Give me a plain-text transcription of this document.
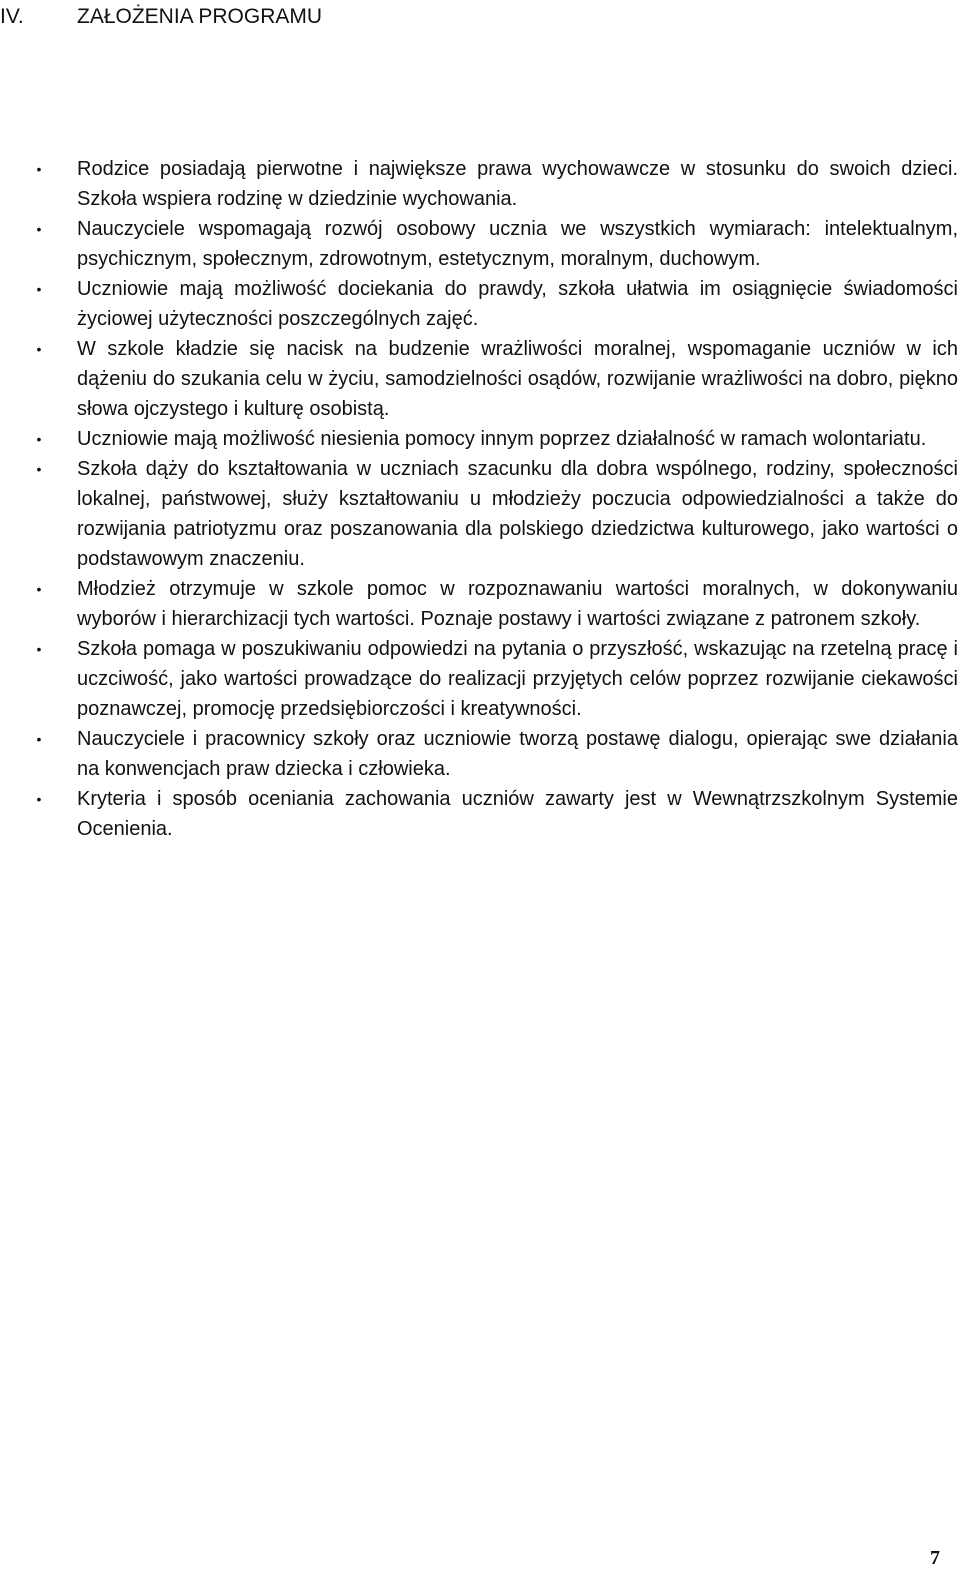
IV.	ZAŁOŻENIA PROGRAMU
• Rodzice posiadają pierwotne i największe prawa wychowawcze w stosunku do swoich dzieci. Szkoła wspiera rodzinę w dziedzinie wychowania.
• Nauczyciele wspomagają rozwój osobowy ucznia we wszystkich wymiarach: intelektualnym, psychicznym, społecznym, zdrowotnym, estetycznym, moralnym, duchowym.
• Uczniowie mają możliwość dociekania do prawdy, szkoła ułatwia im osiągnięcie świadomości życiowej użyteczności poszczególnych zajęć.
• W szkole kładzie się nacisk na budzenie wrażliwości moralnej, wspomaganie uczniów w ich dążeniu do szukania celu w życiu, samodzielności osądów, rozwijanie wrażliwości na dobro, piękno słowa ojczystego i kulturę osobistą.
• Uczniowie mają możliwość niesienia pomocy innym poprzez działalność w ramach wolontariatu.
• Szkoła dąży do kształtowania w uczniach szacunku dla dobra wspólnego, rodziny, społeczności lokalnej, państwowej, służy kształtowaniu u młodzieży poczucia odpowiedzialności a także do rozwijania patriotyzmu oraz poszanowania dla polskiego dziedzictwa kulturowego, jako wartości o podstawowym znaczeniu.
• Młodzież otrzymuje w szkole pomoc w rozpoznawaniu wartości moralnych, w dokonywaniu wyborów i hierarchizacji tych wartości. Poznaje postawy i wartości związane z patronem szkoły.
• Szkoła pomaga w poszukiwaniu odpowiedzi na pytania o przyszłość, wskazując na rzetelną pracę i uczciwość, jako wartości prowadzące do realizacji przyjętych celów poprzez rozwijanie ciekawości poznawczej, promocję przedsiębiorczości i kreatywności.
• Nauczyciele i pracownicy szkoły oraz uczniowie tworzą postawę dialogu, opierając swe działania na konwencjach praw dziecka i człowieka.
• Kryteria i sposób oceniania zachowania uczniów zawarty jest w Wewnątrzszkolnym Systemie Ocenienia.
7
